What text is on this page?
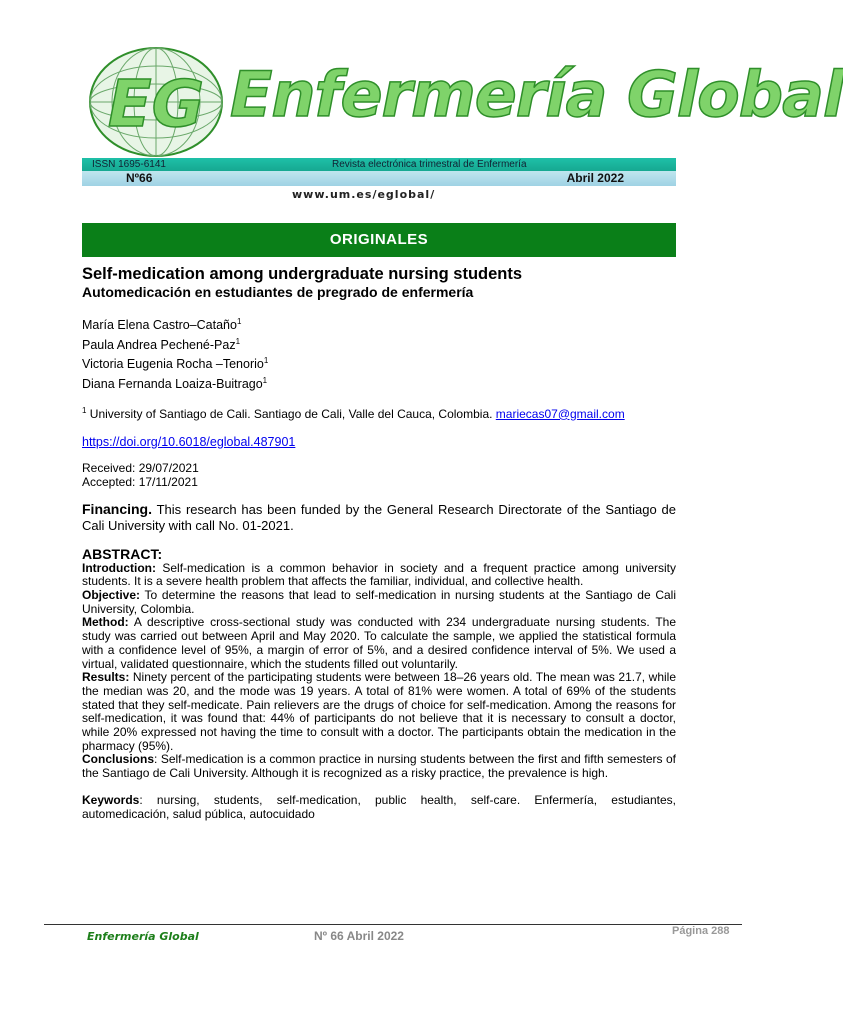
EG Enfermería Global
ISSN 1695-6141	Revista electrónica trimestral de Enfermería
Nº66	Abril 2022
www.um.es/eglobal/
ORIGINALES
Self-medication among undergraduate nursing students
Automedicación en estudiantes de pregrado de enfermería
María Elena Castro–Cataño$^1$
Paula Andrea Pechené-Paz$^1$
Victoria Eugenia Rocha –Tenorio$^1$
Diana Fernanda Loaiza-Buitrago$^1$
$^1$ University of Santiago de Cali. Santiago de Cali, Valle del Cauca, Colombia. mariecas07@gmail.com
https://doi.org/10.6018/eglobal.487901
Received: 29/07/2021
Accepted: 17/11/2021
Financing. This research has been funded by the General Research Directorate of the Santiago de Cali University with call No. 01-2021.
ABSTRACT:

Introduction: Self-medication is a common behavior in society and a frequent practice among university students. It is a severe health problem that affects the familiar, individual, and collective health.

Objective: To determine the reasons that lead to self-medication in nursing students at the Santiago de Cali University, Colombia.

Method: A descriptive cross-sectional study was conducted with 234 undergraduate nursing students. The study was carried out between April and May 2020. To calculate the sample, we applied the statistical formula with a confidence level of 95%, a margin of error of 5%, and a desired confidence interval of 5%. We used a virtual, validated questionnaire, which the students filled out voluntarily.

Results: Ninety percent of the participating students were between 18–26 years old. The mean was 21.7, while the median was 20, and the mode was 19 years. A total of 81% were women. A total of 69% of the students stated that they self-medicate. Pain relievers are the drugs of choice for self-medication. Among the reasons for self-medication, it was found that: 44% of participants do not believe that it is necessary to consult a doctor, while 20% expressed not having the time to consult with a doctor. The participants obtain the medication in the pharmacy (95%).

Conclusions: Self-medication is a common practice in nursing students between the first and fifth semesters of the Santiago de Cali University. Although it is recognized as a risky practice, the prevalence is high.

Keywords: nursing, students, self-medication, public health, self-care. Enfermería, estudiantes, automedicación, salud pública, autocuidado
Enfermería Global	Nº 66 Abril 2022	Página 288
